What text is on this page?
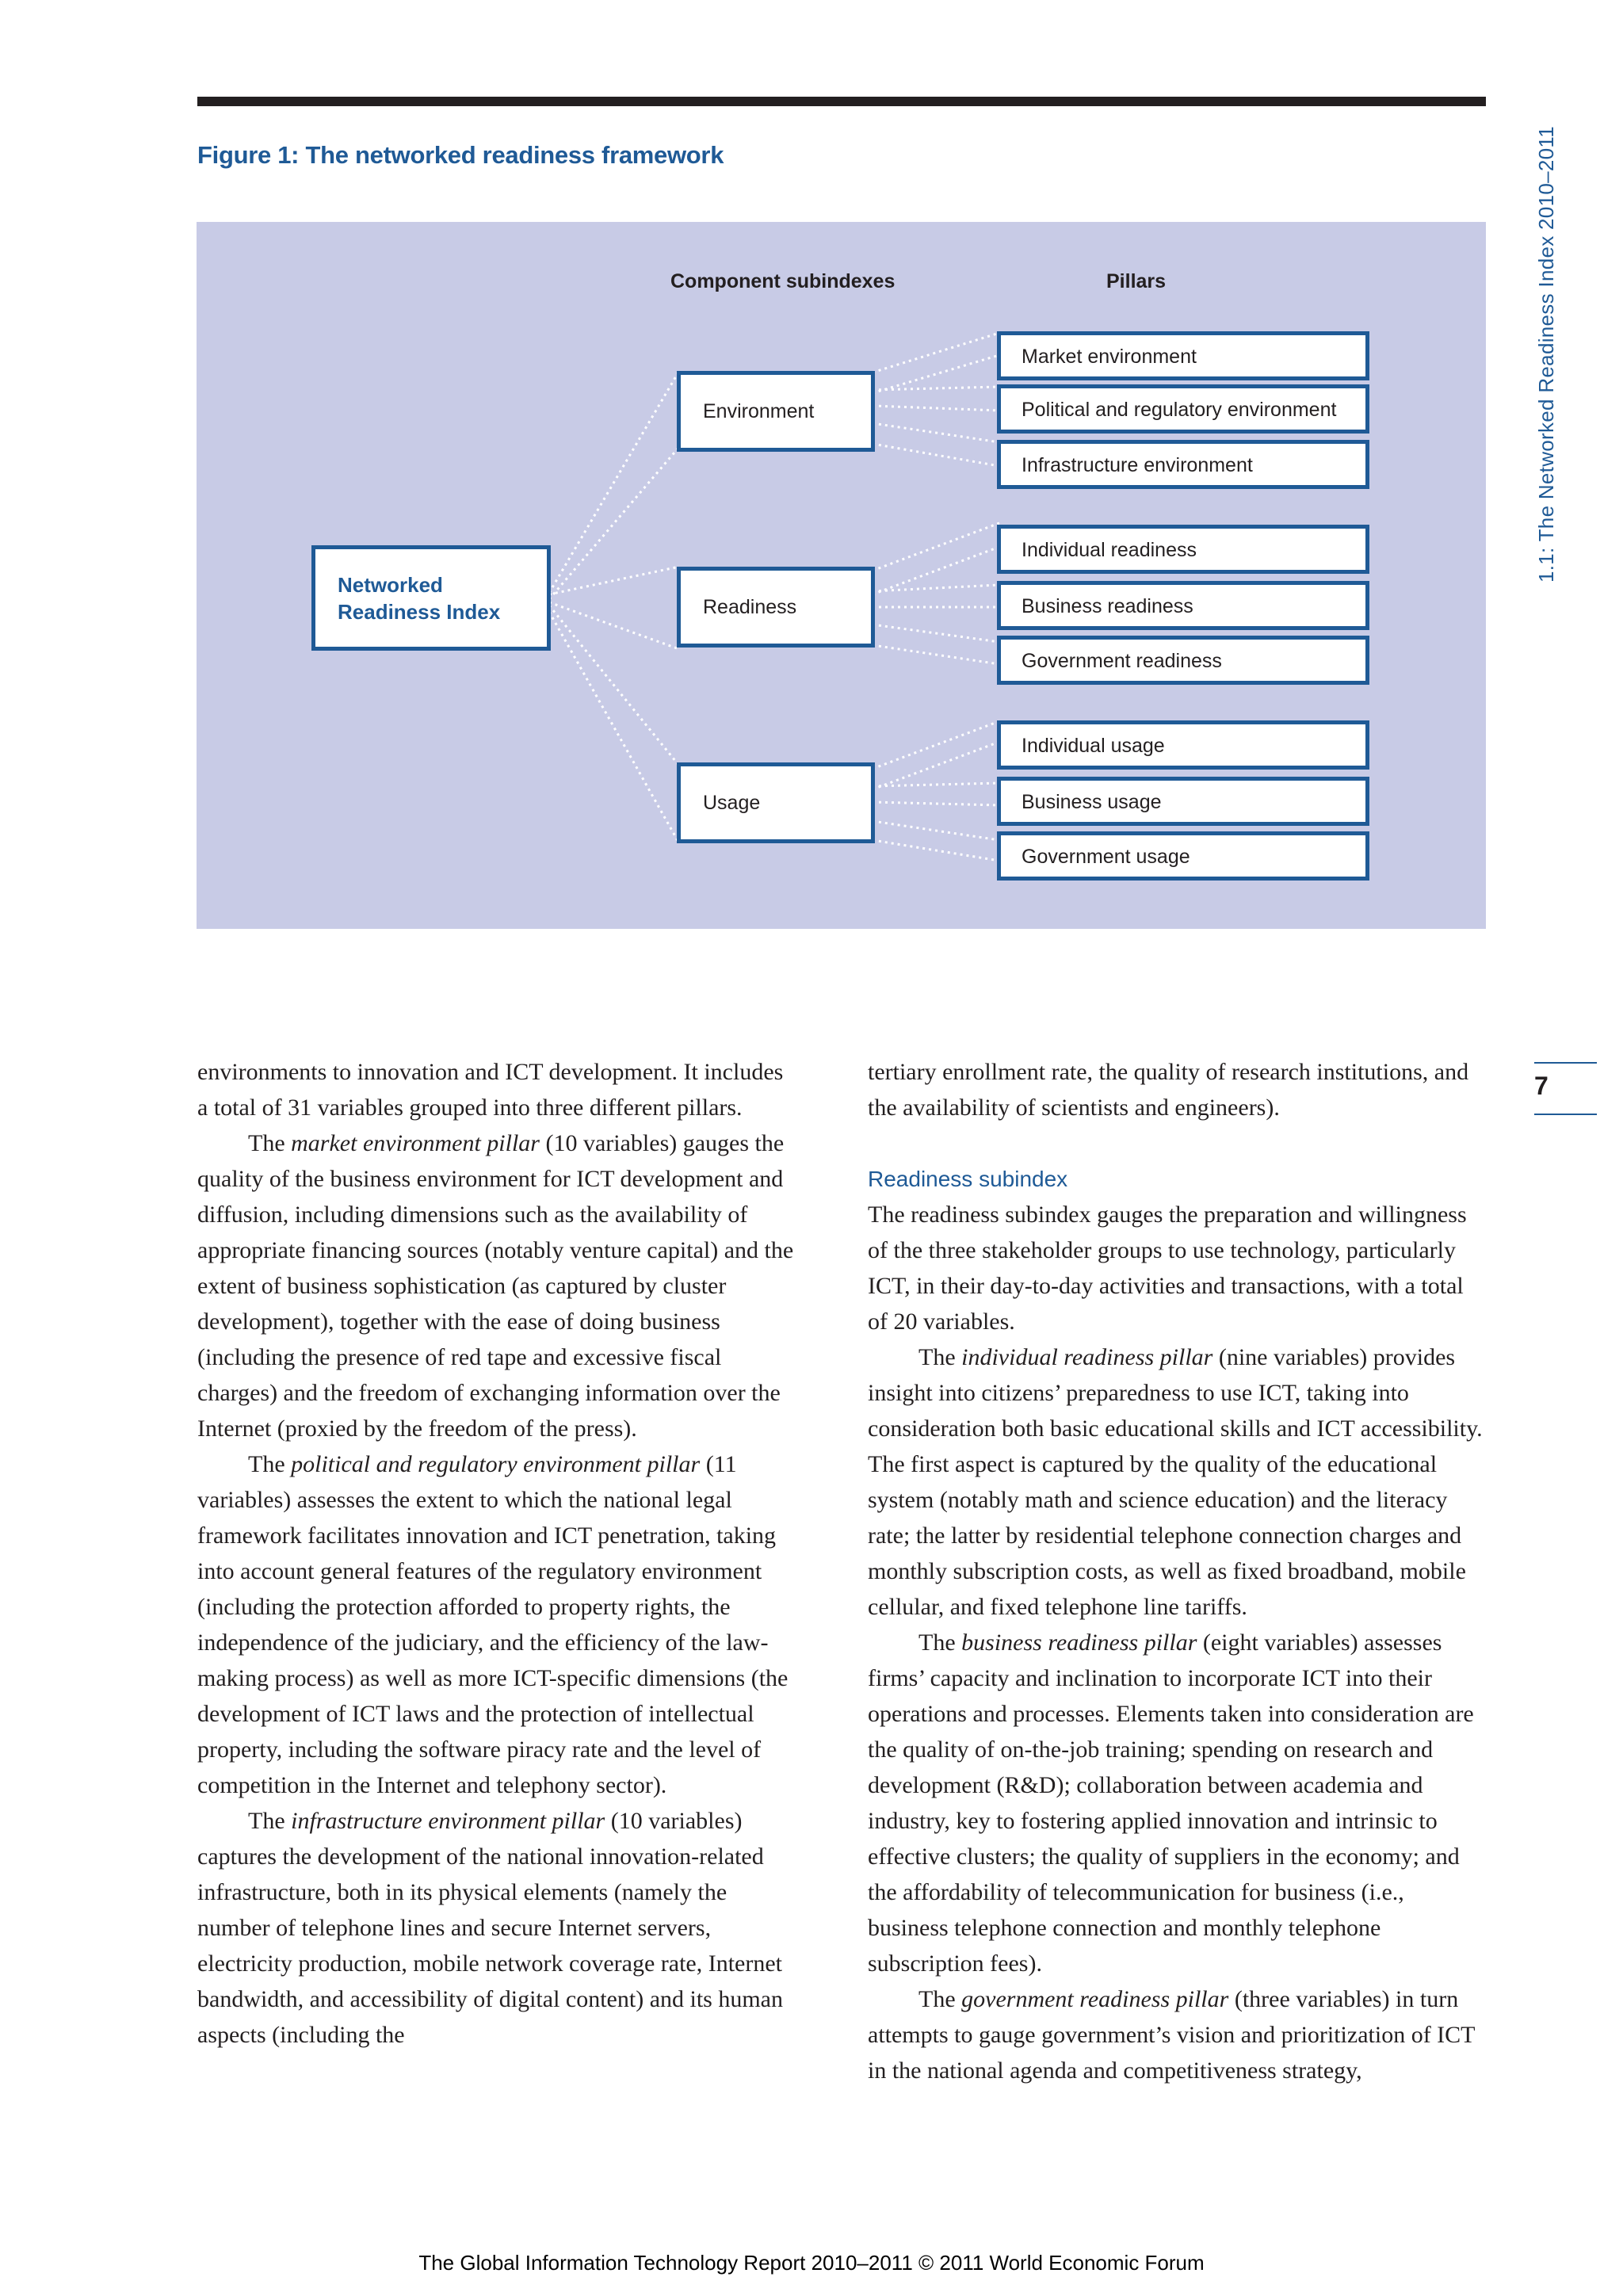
Figure 1: The networked readiness framework
Component subindexes	Pillars
Networked
Readiness Index
Environment
Readiness
Usage
Market environment
Political and regulatory environment
Infrastructure environment
Individual readiness
Business readiness
Government readiness
Individual usage
Business usage
Government usage
1.1: The Networked Readiness Index 2010–2011
7

environments to innovation and ICT development. It includes a total of 31 variables grouped into three different pillars.

The market environment pillar (10 variables) gauges the quality of the business environment for ICT development and diffusion, including dimensions such as the availability of appropriate financing sources (notably venture capital) and the extent of business sophistication (as captured by cluster development), together with the ease of doing business (including the presence of red tape and excessive fiscal charges) and the freedom of exchanging information over the Internet (proxied by the freedom of the press).

The political and regulatory environment pillar (11 variables) assesses the extent to which the national legal framework facilitates innovation and ICT penetration, taking into account general features of the regulatory environment (including the protection afforded to property rights, the independence of the judiciary, and the efficiency of the law-making process) as well as more ICT-specific dimensions (the development of ICT laws and the protection of intellectual property, including the software piracy rate and the level of competition in the Internet and telephony sector).

The infrastructure environment pillar (10 variables) captures the development of the national innovation-related infrastructure, both in its physical elements (namely the number of telephone lines and secure Internet servers, electricity production, mobile network coverage rate, Internet bandwidth, and accessibility of digital content) and its human aspects (including the

tertiary enrollment rate, the quality of research institutions, and the availability of scientists and engineers).

Readiness subindex

The readiness subindex gauges the preparation and willingness of the three stakeholder groups to use technology, particularly ICT, in their day-to-day activities and transactions, with a total of 20 variables.

The individual readiness pillar (nine variables) provides insight into citizens’ preparedness to use ICT, taking into consideration both basic educational skills and ICT accessibility. The first aspect is captured by the quality of the educational system (notably math and science education) and the literacy rate; the latter by residential telephone connection charges and monthly subscription costs, as well as fixed broadband, mobile cellular, and fixed telephone line tariffs.

The business readiness pillar (eight variables) assesses firms’ capacity and inclination to incorporate ICT into their operations and processes. Elements taken into consideration are the quality of on-the-job training; spending on research and development (R&D); collaboration between academia and industry, key to fostering applied innovation and intrinsic to effective clusters; the quality of suppliers in the economy; and the affordability of telecommunication for business (i.e., business telephone connection and monthly telephone subscription fees).

The government readiness pillar (three variables) in turn attempts to gauge government’s vision and prioritization of ICT in the national agenda and competitiveness strategy,

The Global Information Technology Report 2010–2011 © 2011 World Economic Forum
